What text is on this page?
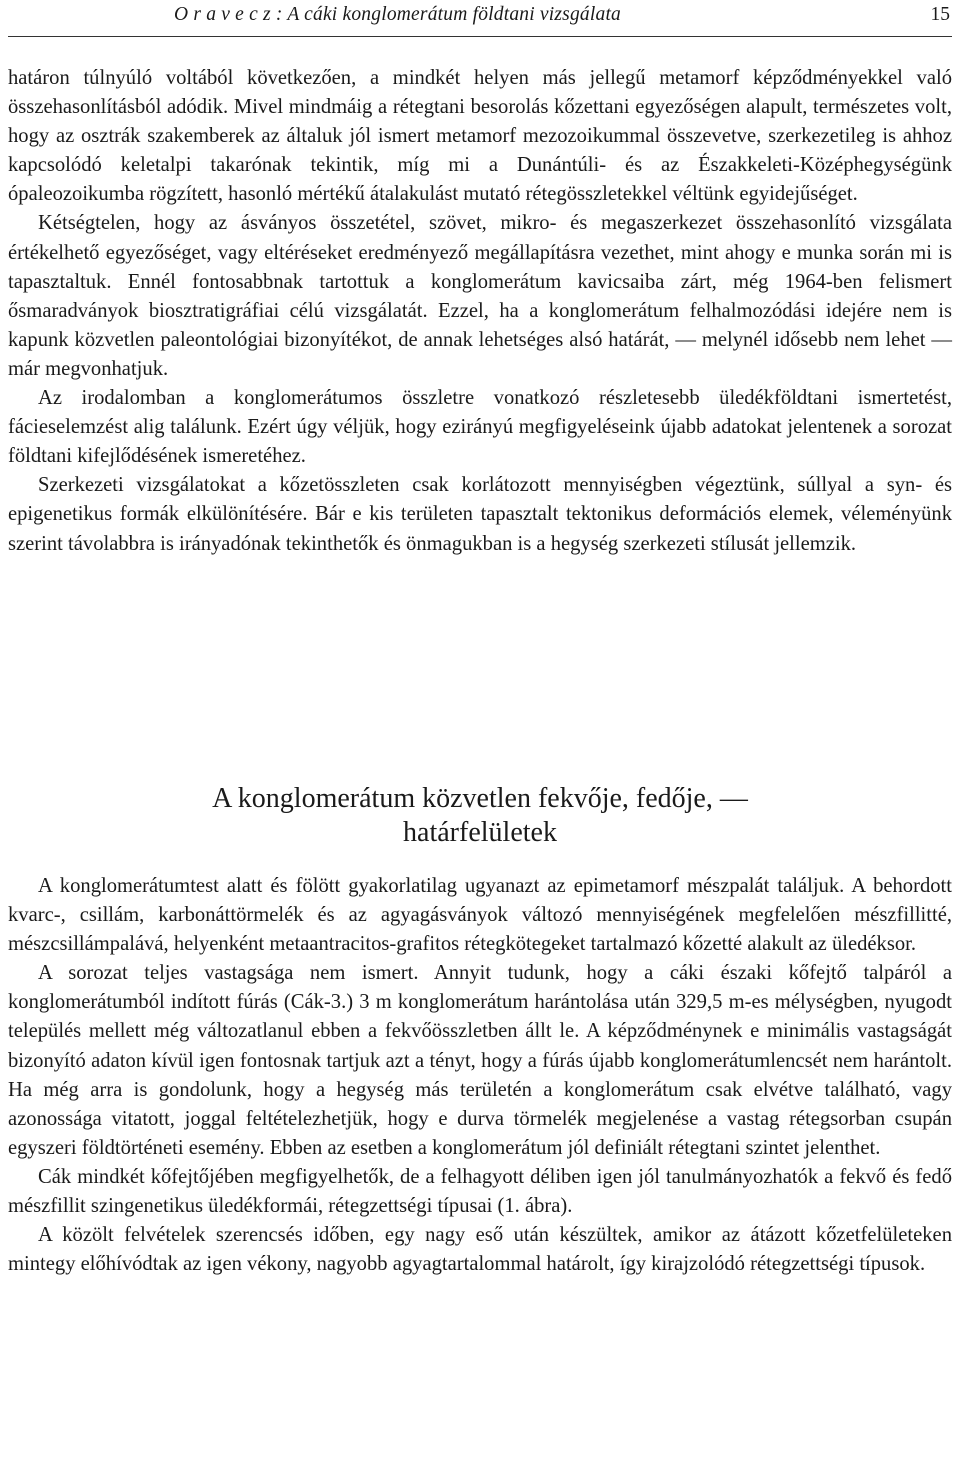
O r a v e c z : A cáki konglomerátum földtani vizsgálata	15

határon túlnyúló voltából következően, a mindkét helyen más jellegű metamorf képződményekkel való összehasonlításból adódik. Mivel mindmáig a rétegtani besorolás kőzettani egyezőségen alapult, természetes volt, hogy az osztrák szakemberek az általuk jól ismert metamorf mezozoikummal összevetve, szerkezetileg is ahhoz kapcsolódó keletalpi takarónak tekintik, míg mi a Dunántúli- és az Északkeleti-Középhegységünk ópaleozoikumba rögzített, hasonló mértékű átalakulást mutató rétegösszletekkel véltünk egyidejűséget.

Kétségtelen, hogy az ásványos összetétel, szövet, mikro- és megaszerkezet összehasonlító vizsgálata értékelhető egyezőséget, vagy eltéréseket eredményező megállapításra vezethet, mint ahogy e munka során mi is tapasztaltuk. Ennél fontosabbnak tartottuk a konglomerátum kavicsaiba zárt, még 1964-ben felismert ősmaradványok biosztratigráfiai célú vizsgálatát. Ezzel, ha a konglomerátum felhalmozódási idejére nem is kapunk közvetlen paleontológiai bizonyítékot, de annak lehetséges alsó határát, — melynél idősebb nem lehet — már megvonhatjuk.

Az irodalomban a konglomerátumos összletre vonatkozó részletesebb üledékföldtani ismertetést, fácieselemzést alig találunk. Ezért úgy véljük, hogy ezirányú megfigyeléseink újabb adatokat jelentenek a sorozat földtani kifejlődésének ismeretéhez.

Szerkezeti vizsgálatokat a kőzetösszleten csak korlátozott mennyiségben végeztünk, súllyal a syn- és epigenetikus formák elkülönítésére. Bár e kis területen tapasztalt tektonikus deformációs elemek, véleményünk szerint távolabbra is irányadónak tekinthetők és önmagukban is a hegység szerkezeti stílusát jellemzik.

A konglomerátum közvetlen fekvője, fedője, —
határfelületek

A konglomerátumtest alatt és fölött gyakorlatilag ugyanazt az epimetamorf mészpalát találjuk. A behordott kvarc-, csillám, karbonáttörmelék és az agyagásványok változó mennyiségének megfelelően mészfillitté, mészcsillámpalává, helyenként metaantracitos-grafitos rétegkötegeket tartalmazó kőzetté alakult az üledéksor.

A sorozat teljes vastagsága nem ismert. Annyit tudunk, hogy a cáki északi kőfejtő talpáról a konglomerátumból indított fúrás (Cák-3.) 3 m konglomerátum harántolása után 329,5 m-es mélységben, nyugodt település mellett még változatlanul ebben a fekvőösszletben állt le. A képződménynek e minimális vastagságát bizonyító adaton kívül igen fontosnak tartjuk azt a tényt, hogy a fúrás újabb konglomerátumlencsét nem harántolt. Ha még arra is gondolunk, hogy a hegység más területén a konglomerátum csak elvétve található, vagy azonossága vitatott, joggal feltételezhetjük, hogy e durva törmelék megjelenése a vastag rétegsorban csupán egyszeri földtörténeti esemény. Ebben az esetben a konglomerátum jól definiált rétegtani szintet jelenthet.

Cák mindkét kőfejtőjében megfigyelhetők, de a felhagyott déliben igen jól tanulmányozhatók a fekvő és fedő mészfillit szingenetikus üledékformái, rétegzettségi típusai (1. ábra).

A közölt felvételek szerencsés időben, egy nagy eső után készültek, amikor az átázott kőzetfelületeken mintegy előhívódtak az igen vékony, nagyobb agyagtartalommal határolt, így kirajzolódó rétegzettségi típusok.
